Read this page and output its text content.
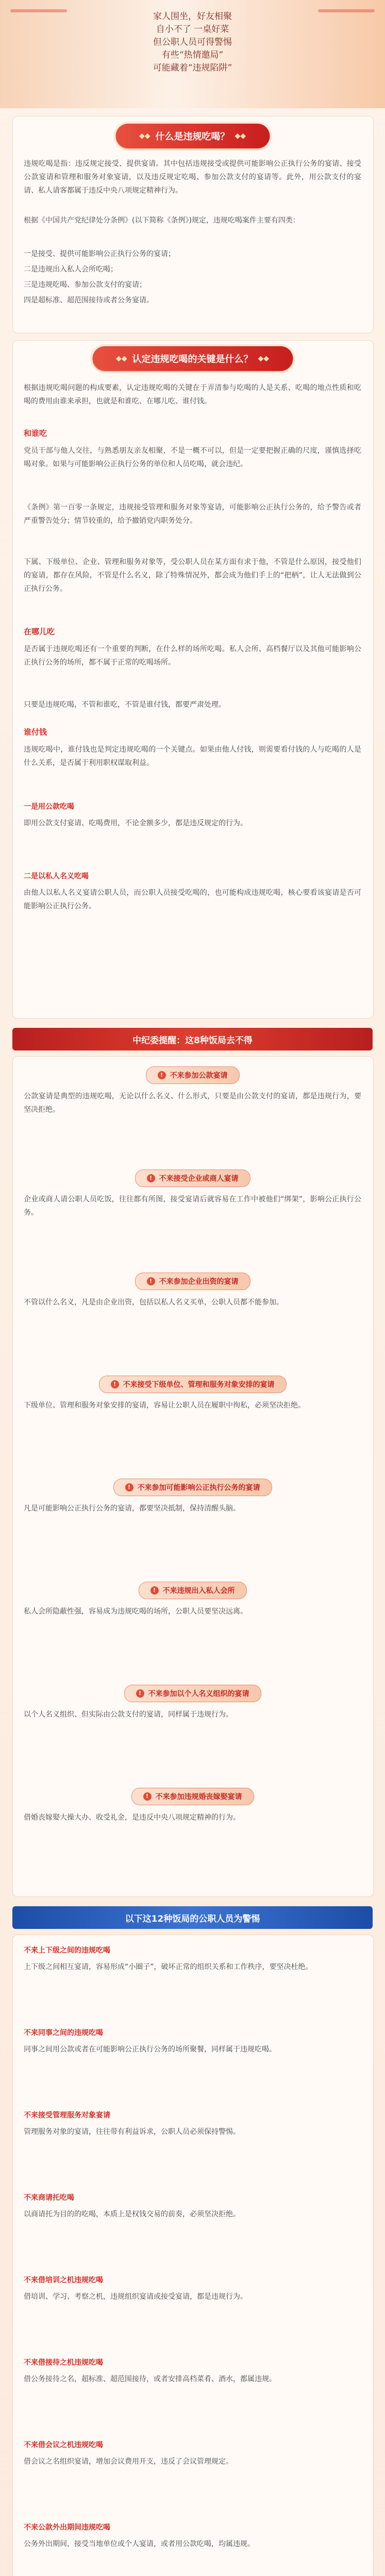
家人围坐，好友相聚
自小不了 一桌好菜
但公职人员可得警惕
有些“热情邀局”
可能藏着“违规陷阱”
◆◆ 什么是违规吃喝？ ◆◆
违规吃喝是指：违反规定接受、提供宴请。其中包括违规接受或提供可能影响公正执行公务的宴请、接受公款宴请和管理和服务对象宴请，以及违反规定吃喝、参加公款支付的宴请等。此外，用公款支付的宴请、私人请客都属于违反中央八项规定精神行为。
根据《中国共产党纪律处分条例》(以下简称《条例》)规定，违规吃喝案件主要有四类：
一是接受、提供可能影响公正执行公务的宴请；
二是违规出入私人会所吃喝；
三是违规吃喝、参加公款支付的宴请；
四是超标准、超范围接待或者公务宴请。
◆◆ 认定违规吃喝的关键是什么？ ◆◆
根据违规吃喝问题的构成要素，认定违规吃喝的关键在于弄清参与吃喝的人是关系、吃喝的地点性质和吃喝的费用由谁来承担，也就是和谁吃、在哪儿吃、谁付钱。
和谁吃
党员干部与他人交往，与熟悉朋友亲友相聚，不是一概不可以，但是一定要把握正确的尺度，谨慎选择吃喝对象。如果与可能影响公正执行公务的单位和人员吃喝，就会违纪。
《条例》第一百零一条规定，违规接受管理和服务对象等宴请，可能影响公正执行公务的，给予警告或者严重警告处分；情节较重的，给予撤销党内职务处分。
下属、下级单位、企业、管理和服务对象等，受公职人员在某方面有求于他，不管是什么原因，接受他们的宴请，都存在风险，不管是什么名义，除了特殊情况外，都会成为他们手上的“把柄”，让人无法做到公正执行公务。
在哪儿吃
是否属于违规吃喝还有一个重要的判断，在什么样的场所吃喝。私人会所、高档餐厅以及其他可能影响公正执行公务的场所，都不属于正常的吃喝场所。
只要是违规吃喝，不管和谁吃，不管是谁付钱，都要严肃处理。
谁付钱
违规吃喝中，谁付钱也是判定违规吃喝的一个关键点。如果由他人付钱，则需要看付钱的人与吃喝的人是什么关系，是否属于利用职权谋取利益。
一是用公款吃喝
即用公款支付宴请、吃喝费用，不论金额多少，都是违反规定的行为。
二是以私人名义吃喝
由他人以私人名义宴请公职人员，而公职人员接受吃喝的，也可能构成违规吃喝，核心要看该宴请是否可能影响公正执行公务。
中纪委提醒：这8种饭局去不得
! 不来参加公款宴请
公款宴请是典型的违规吃喝，无论以什么名义、什么形式，只要是由公款支付的宴请，都是违规行为，要坚决拒绝。
! 不来接受企业或商人宴请
企业或商人请公职人员吃饭，往往都有所图，接受宴请后就容易在工作中被他们“绑架”，影响公正执行公务。
! 不来参加企业出资的宴请
不管以什么名义，凡是由企业出资，包括以私人名义买单，公职人员都不能参加。
! 不来接受下级单位、管理和服务对象安排的宴请
下级单位、管理和服务对象安排的宴请，容易让公职人员在履职中徇私，必须坚决拒绝。
! 不来参加可能影响公正执行公务的宴请
凡是可能影响公正执行公务的宴请，都要坚决抵制，保持清醒头脑。
! 不来违规出入私人会所
私人会所隐蔽性强，容易成为违规吃喝的场所，公职人员要坚决远离。
! 不来参加以个人名义组织的宴请
以个人名义组织、但实际由公款支付的宴请，同样属于违规行为。
! 不来参加违规婚丧嫁娶宴请
借婚丧嫁娶大操大办、收受礼金，是违反中央八项规定精神的行为。
以下这12种饭局的公职人员为警惕
不来上下级之间的违规吃喝
上下级之间相互宴请，容易形成“小圈子”，破坏正常的组织关系和工作秩序，要坚决杜绝。
不来同事之间的违规吃喝
同事之间用公款或者在可能影响公正执行公务的场所聚餐，同样属于违规吃喝。
不来接受管理服务对象宴请
管理服务对象的宴请，往往带有利益诉求，公职人员必须保持警惕。
不来商请托吃喝
以商请托为目的的吃喝，本质上是权钱交易的前奏，必须坚决拒绝。
不来借培训之机违规吃喝
借培训、学习、考察之机，违规组织宴请或接受宴请，都是违规行为。
不来借接待之机违规吃喝
借公务接待之名，超标准、超范围接待，或者安排高档菜肴、酒水，都属违规。
不来借会议之机违规吃喝
借会议之名组织宴请，增加会议费用开支，违反了会议管理规定。
不来公款外出期间违规吃喝
公务外出期间，接受当地单位或个人宴请，或者用公款吃喝，均属违规。
